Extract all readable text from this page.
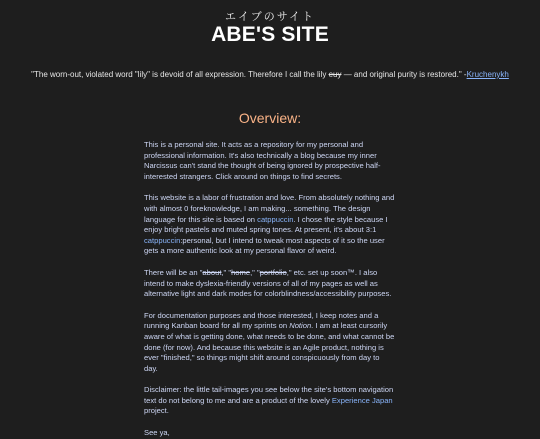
エイブのサイト
ABE'S SITE
"The worn-out, violated word "lily" is devoid of all expression. Therefore I call the lily euy — and original purity is restored." -Kruchenykh
Overview:

This is a personal site. It acts as a repository for my personal and professional information. It's also technically a blog because my inner Narcissus can't stand the thought of being ignored by prospective half-interested strangers. Click around on things to find secrets.

This website is a labor of frustration and love. From absolutely nothing and with almost 0 foreknowledge, I am making... something. The design language for this site is based on catppuccin. I chose the style because I enjoy bright pastels and muted spring tones. At present, it's about 3:1 catppuccin:personal, but I intend to tweak most aspects of it so the user gets a more authentic look at my personal flavor of weird.

There will be an "about," "home," "portfolio," etc. set up soon™. I also intend to make dyslexia-friendly versions of all of my pages as well as alternative light and dark modes for colorblindness/accessibility purposes.

For documentation purposes and those interested, I keep notes and a running Kanban board for all my sprints on Notion. I am at least cursorily aware of what is getting done, what needs to be done, and what cannot be done (for now). And because this website is an Agile product, nothing is ever "finished," so things might shift around conspicuously from day to day.

Disclaimer: the little tail-images you see below the site's bottom navigation text do not belong to me and are a product of the lovely Experience Japan project.

See ya,
